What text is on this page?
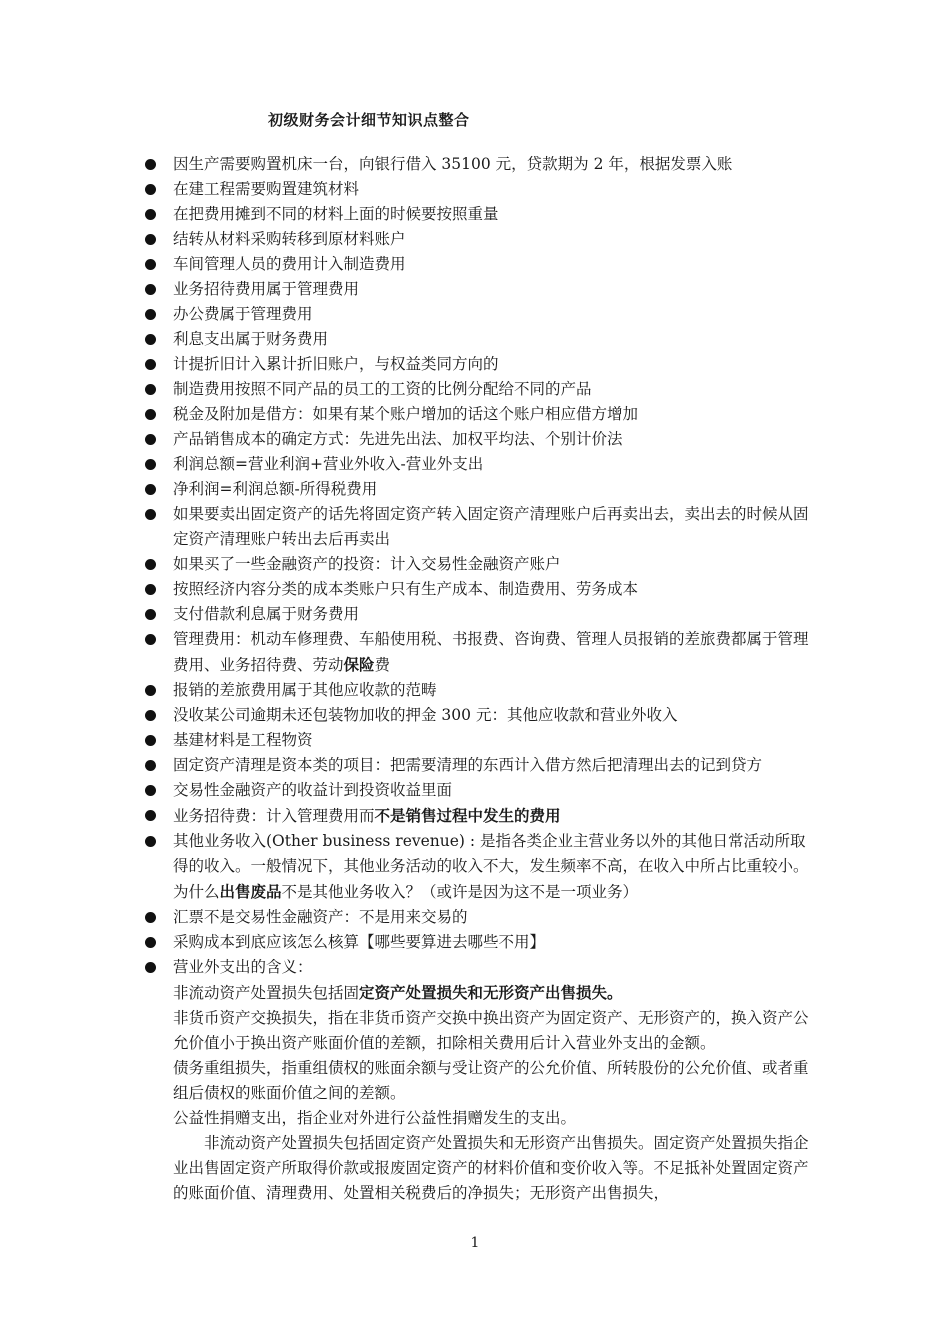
初级财务会计细节知识点整合
因生产需要购置机床一台，向银行借入 35100 元，贷款期为 2 年，根据发票入账
在建工程需要购置建筑材料
在把费用摊到不同的材料上面的时候要按照重量
结转从材料采购转移到原材料账户
车间管理人员的费用计入制造费用
业务招待费用属于管理费用
办公费属于管理费用
利息支出属于财务费用
计提折旧计入累计折旧账户，与权益类同方向的
制造费用按照不同产品的员工的工资的比例分配给不同的产品
税金及附加是借方：如果有某个账户增加的话这个账户相应借方增加
产品销售成本的确定方式：先进先出法、加权平均法、个别计价法
利润总额=营业利润+营业外收入-营业外支出
净利润=利润总额-所得税费用
如果要卖出固定资产的话先将固定资产转入固定资产清理账户后再卖出去，卖出去的时候从固定资产清理账户转出去后再卖出
如果买了一些金融资产的投资：计入交易性金融资产账户
按照经济内容分类的成本类账户只有生产成本、制造费用、劳务成本
支付借款利息属于财务费用
管理费用：机动车修理费、车船使用税、书报费、咨询费、管理人员报销的差旅费都属于管理费用、业务招待费、劳动保险费
报销的差旅费用属于其他应收款的范畴
没收某公司逾期未还包装物加收的押金 300 元：其他应收款和营业外收入
基建材料是工程物资
固定资产清理是资本类的项目：把需要清理的东西计入借方然后把清理出去的记到贷方
交易性金融资产的收益计到投资收益里面
业务招待费：计入管理费用而不是销售过程中发生的费用
其他业务收入(Other business revenue) : 是指各类企业主营业务以外的其他日常活动所取得的收入。一般情况下，其他业务活动的收入不大，发生频率不高，在收入中所占比重较小。为什么出售废品不是其他业务收入？（或许是因为这不是一项业务）
汇票不是交易性金融资产：不是用来交易的
采购成本到底应该怎么核算【哪些要算进去哪些不用】
营业外支出的含义：
非流动资产处置损失包括固定资产处置损失和无形资产出售损失。
非货币资产交换损失，指在非货币资产交换中换出资产为固定资产、无形资产的，换入资产公允价值小于换出资产账面价值的差额，扣除相关费用后计入营业外支出的金额。
债务重组损失，指重组债权的账面余额与受让资产的公允价值、所转股份的公允价值、或者重组后债权的账面价值之间的差额。
公益性捐赠支出，指企业对外进行公益性捐赠发生的支出。
非流动资产处置损失包括固定资产处置损失和无形资产出售损失。固定资产处置损失指企业出售固定资产所取得价款或报废固定资产的材料价值和变价收入等。不足抵补处置固定资产的账面价值、清理费用、处置相关税费后的净损失；无形资产出售损失，
1
